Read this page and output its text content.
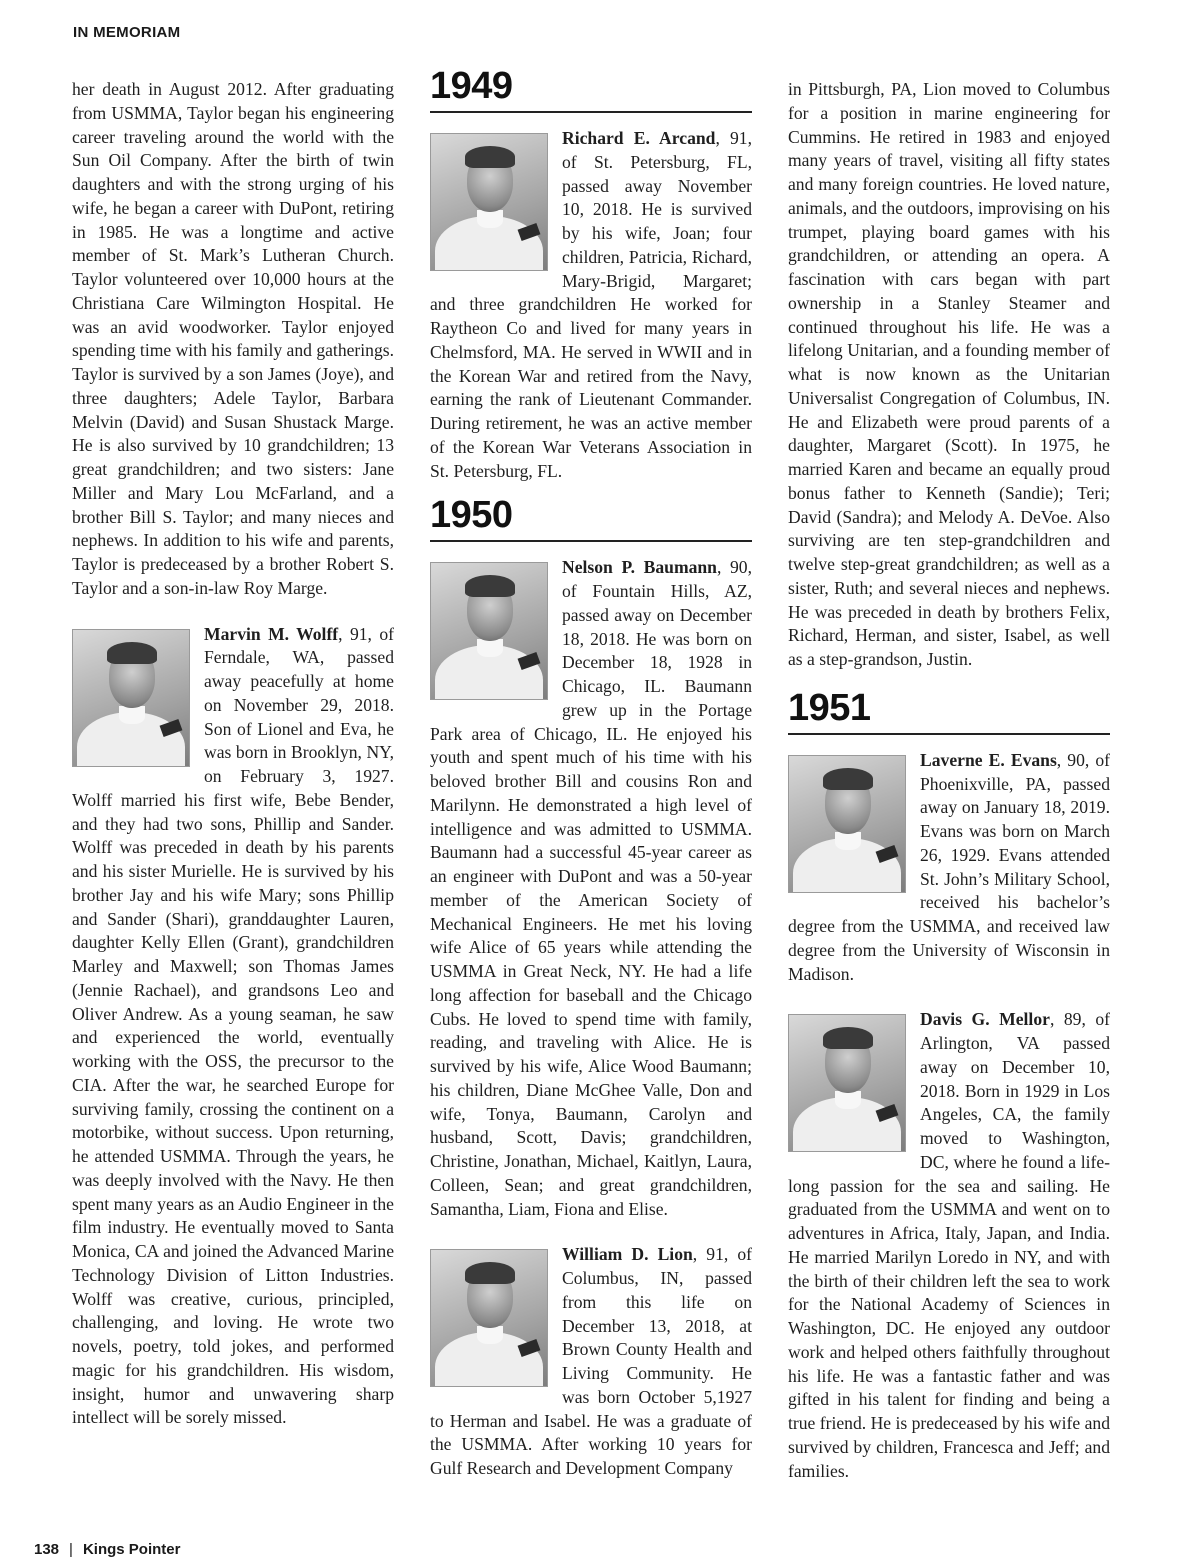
IN MEMORIAM

her death in August 2012. After graduating from USMMA, Taylor began his engineering career traveling around the world with the Sun Oil Company. After the birth of twin daughters and with the strong urging of his wife, he began a career with DuPont, retiring in 1985. He was a longtime and active member of St. Mark’s Lutheran Church. Taylor volunteered over 10,000 hours at the Christiana Care Wilmington Hospital. He was an avid woodworker. Taylor enjoyed spending time with his family and gatherings. Taylor is survived by a son James (Joye), and three daughters; Adele Taylor, Barbara Melvin (David) and Susan Shustack Marge. He is also survived by 10 grandchildren; 13 great grandchildren; and two sisters: Jane Miller and Mary Lou McFarland, and a brother Bill S. Taylor; and many nieces and nephews. In addition to his wife and parents, Taylor is predeceased by a brother Robert S. Taylor and a son-in-law Roy Marge.

Marvin M. Wolff, 91, of Ferndale, WA, passed away peacefully at home on November 29, 2018. Son of Lionel and Eva, he was born in Brooklyn, NY, on February 3, 1927. Wolff married his first wife, Bebe Bender, and they had two sons, Phillip and Sander. Wolff was preceded in death by his parents and his sister Murielle. He is survived by his brother Jay and his wife Mary; sons Phillip and Sander (Shari), granddaughter Lauren, daughter Kelly Ellen (Grant), grandchildren Marley and Maxwell; son Thomas James (Jennie Rachael), and grandsons Leo and Oliver Andrew. As a young seaman, he saw and experienced the world, eventually working with the OSS, the precursor to the CIA. After the war, he searched Europe for surviving family, crossing the continent on a motorbike, without success. Upon returning, he attended USMMA. Through the years, he was deeply involved with the Navy. He then spent many years as an Audio Engineer in the film industry. He eventually moved to Santa Monica, CA and joined the Advanced Marine Technology Division of Litton Industries. Wolff was creative, curious, principled, challenging, and loving. He wrote two novels, poetry, told jokes, and performed magic for his grandchildren. His wisdom, insight, humor and unwavering sharp intellect will be sorely missed.
1949
Richard E. Arcand, 91, of St. Petersburg, FL, passed away November 10, 2018. He is survived by his wife, Joan; four children, Patricia, Richard, Mary-Brigid, Margaret; and three grandchildren He worked for Raytheon Co and lived for many years in Chelmsford, MA. He served in WWII and in the Korean War and retired from the Navy, earning the rank of Lieutenant Commander. During retirement, he was an active member of the Korean War Veterans Association in St. Petersburg, FL.
1950
Nelson P. Baumann, 90, of Fountain Hills, AZ, passed away on December 18, 2018. He was born on December 18, 1928 in Chicago, IL. Baumann grew up in the Portage Park area of Chicago, IL. He enjoyed his youth and spent much of his time with his beloved brother Bill and cousins Ron and Marilynn. He demonstrated a high level of intelligence and was admitted to USMMA. Baumann had a successful 45-year career as an engineer with DuPont and was a 50-year member of the American Society of Mechanical Engineers. He met his loving wife Alice of 65 years while attending the USMMA in Great Neck, NY. He had a life long affection for baseball and the Chicago Cubs. He loved to spend time with family, reading, and traveling with Alice. He is survived by his wife, Alice Wood Baumann; his children, Diane McGhee Valle, Don and wife, Tonya, Baumann, Carolyn and husband, Scott, Davis; grandchildren, Christine, Jonathan, Michael, Kaitlyn, Laura, Colleen, Sean; and great grandchildren, Samantha, Liam, Fiona and Elise.
William D. Lion, 91, of Columbus, IN, passed from this life on December 13, 2018, at Brown County Health and Living Community. He was born October 5,1927 to Herman and Isabel. He was a graduate of the USMMA. After working 10 years for Gulf Research and Development Company

in Pittsburgh, PA, Lion moved to Columbus for a position in marine engineering for Cummins. He retired in 1983 and enjoyed many years of travel, visiting all fifty states and many foreign countries. He loved nature, animals, and the outdoors, improvising on his trumpet, playing board games with his grandchildren, or attending an opera. A fascination with cars began with part ownership in a Stanley Steamer and continued throughout his life. He was a lifelong Unitarian, and a founding member of what is now known as the Unitarian Universalist Congregation of Columbus, IN. He and Elizabeth were proud parents of a daughter, Margaret (Scott). In 1975, he married Karen and became an equally proud bonus father to Kenneth (Sandie); Teri; David (Sandra); and Melody A. DeVoe. Also surviving are ten step-grandchildren and twelve step-great grandchildren; as well as a sister, Ruth; and several nieces and nephews. He was preceded in death by brothers Felix, Richard, Herman, and sister, Isabel, as well as a step-grandson, Justin.

1951
Laverne E. Evans, 90, of Phoenixville, PA, passed away on January 18, 2019. Evans was born on March 26, 1929. Evans attended St. John’s Military School, received his bachelor’s degree from the USMMA, and received law degree from the University of Wisconsin in Madison.
Davis G. Mellor, 89, of Arlington, VA passed away on December 10, 2018. Born in 1929 in Los Angeles, CA, the family moved to Washington, DC, where he found a life-long passion for the sea and sailing. He graduated from the USMMA and went on to adventures in Africa, Italy, Japan, and India. He married Marilyn Loredo in NY, and with the birth of their children left the sea to work for the National Academy of Sciences in Washington, DC. He enjoyed any outdoor work and helped others faithfully throughout his life. He was a fantastic father and was gifted in his talent for finding and being a true friend. He is predeceased by his wife and survived by children, Francesca and Jeff; and families.
138 | Kings Pointer
